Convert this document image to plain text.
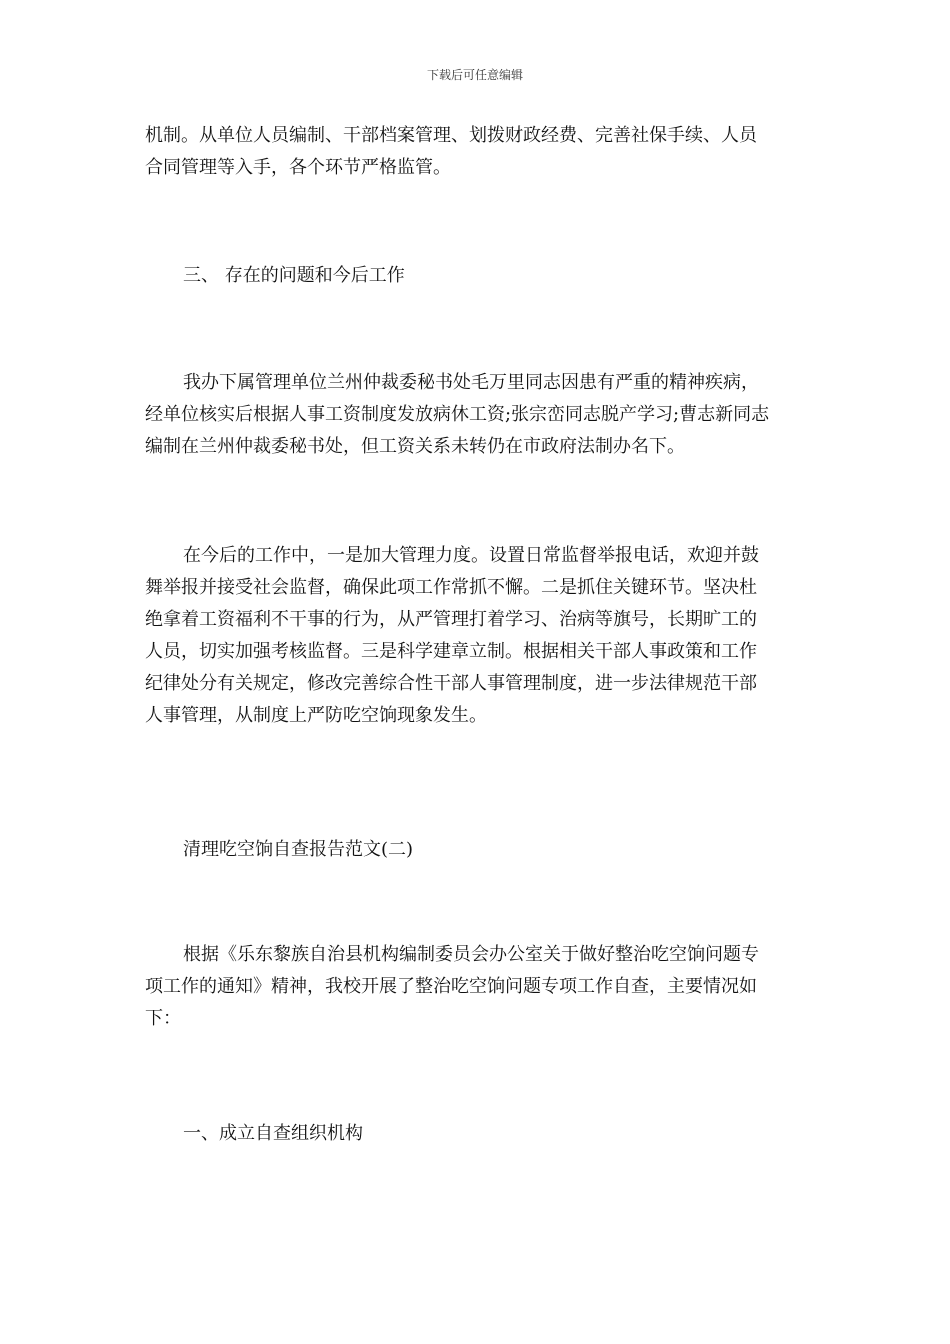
下载后可任意编辑
机制。从单位人员编制、干部档案管理、划拨财政经费、完善社保手续、人员
合同管理等入手，各个环节严格监管。
三、 存在的问题和今后工作
我办下属管理单位兰州仲裁委秘书处毛万里同志因患有严重的精神疾病，
经单位核实后根据人事工资制度发放病休工资;张宗峦同志脱产学习;曹志新同志
编制在兰州仲裁委秘书处，但工资关系未转仍在市政府法制办名下。
在今后的工作中，一是加大管理力度。设置日常监督举报电话，欢迎并鼓
舞举报并接受社会监督，确保此项工作常抓不懈。二是抓住关键环节。坚决杜
绝拿着工资福利不干事的行为，从严管理打着学习、治病等旗号，长期旷工的
人员，切实加强考核监督。三是科学建章立制。根据相关干部人事政策和工作
纪律处分有关规定，修改完善综合性干部人事管理制度，进一步法律规范干部
人事管理，从制度上严防吃空饷现象发生。
清理吃空饷自查报告范文(二)
根据《乐东黎族自治县机构编制委员会办公室关于做好整治吃空饷问题专
项工作的通知》精神，我校开展了整治吃空饷问题专项工作自查，主要情况如
下：
一、成立自查组织机构
